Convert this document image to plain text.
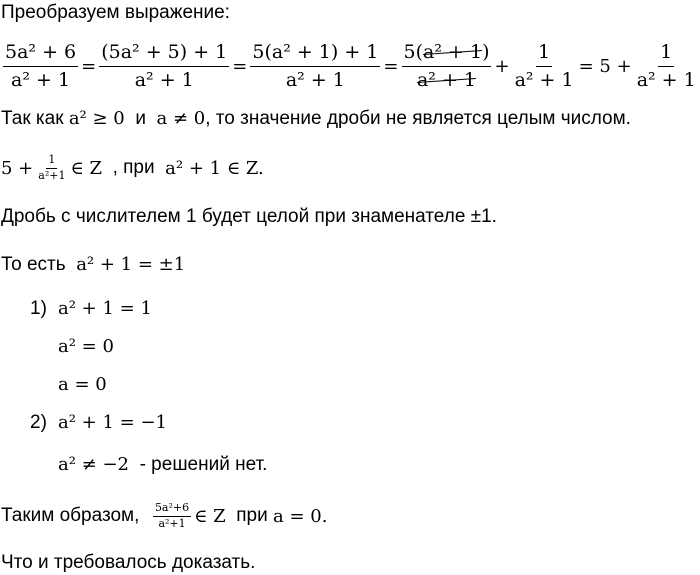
Преобразуем выражение:
$\frac{\text{5a² + 6}}{\text{a² + 1}} = \frac{\text{(5a² + 5) + 1}}{\text{a² + 1}} = \frac{\text{5(a² + 1) + 1}}{\text{a² + 1}} = \frac{\text{5(a² + 1)}}{\text{a² + 1}} + \frac{1}{\text{a² + 1}} = 5 + \frac{1}{\text{a² + 1}}$
Так как a² ≥ 0 и a ≠ 0, то значение дроби не является целым числом.
$5 + \frac{1}{\text{a²+1}}$ ∈ Z
, при
a² + 1 ∈ Z.
Дробь с числителем 1 будет целой при знаменателе ±1.
То есть a² + 1 = ±1
1) a² + 1 = 1
a² = 0
a = 0
2) a² + 1 = −1
a² ≠ −2 - решений нет.
Таким образом,
$\frac{\text{5a²+6}}{\text{a²+1}}$ ∈ Z
при
a = 0.
Что и требовалось доказать.
